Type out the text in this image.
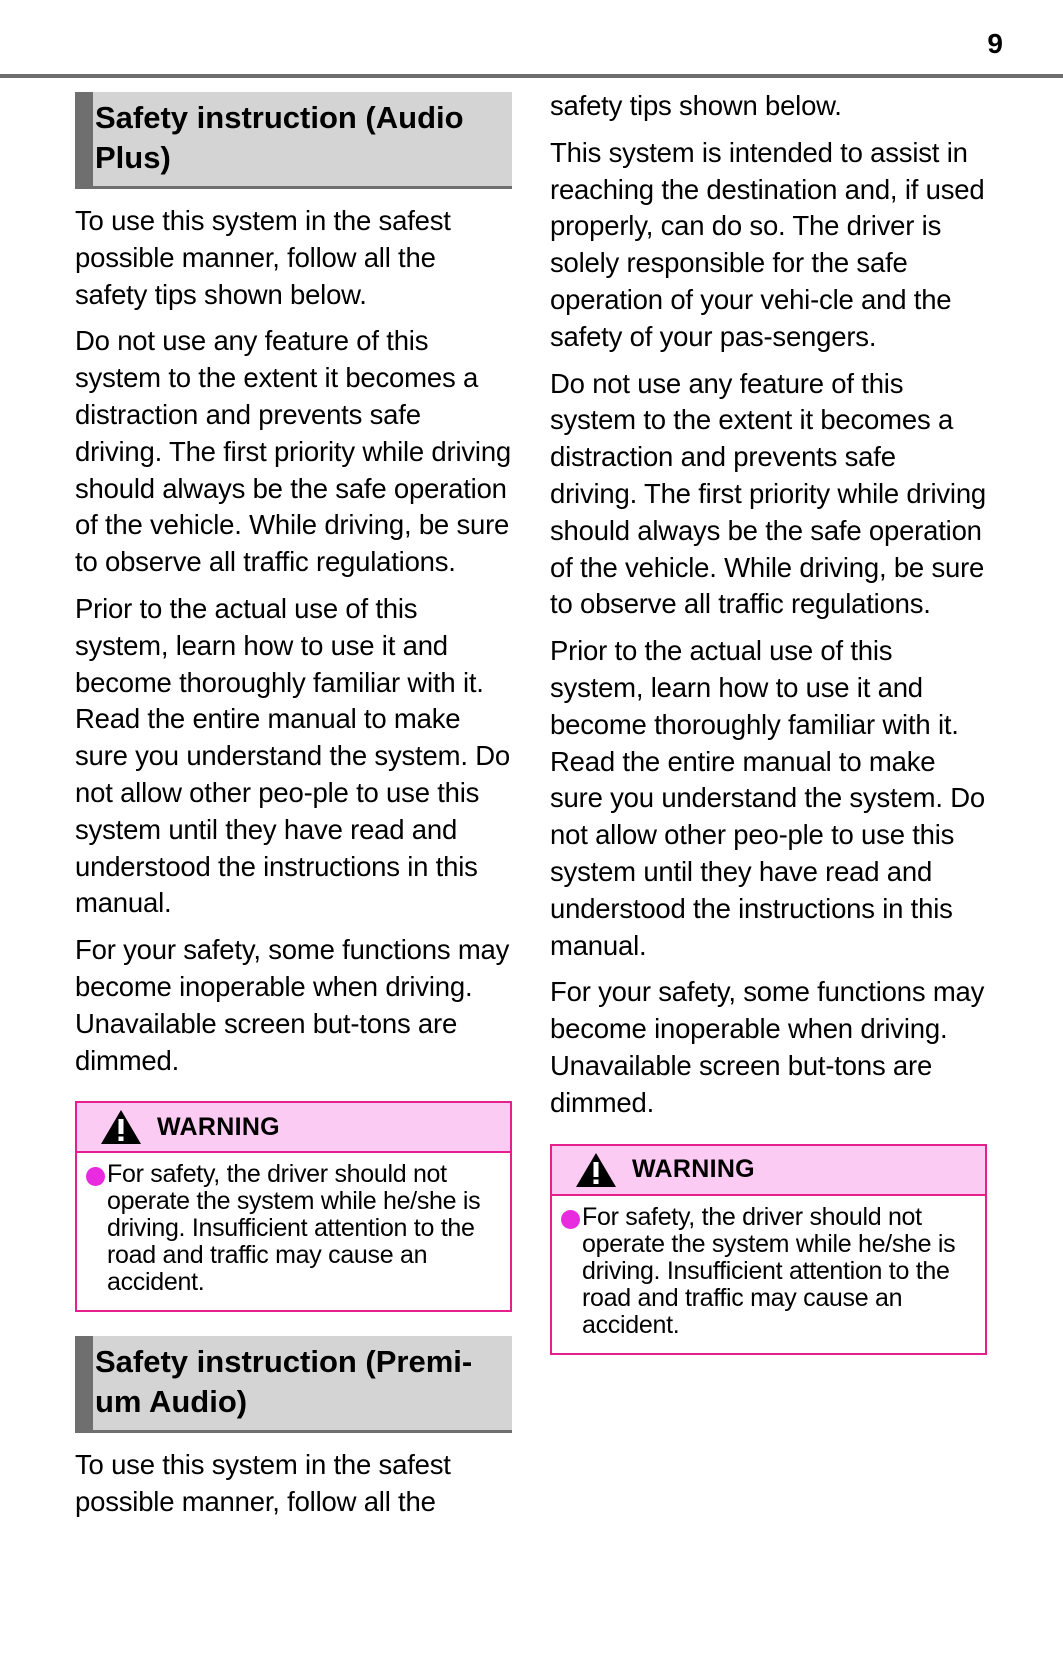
9
Safety instruction (Audio Plus)

To use this system in the safest possible manner, follow all the safety tips shown below.

Do not use any feature of this system to the extent it becomes a distraction and prevents safe driving. The first priority while driving should always be the safe operation of the vehicle. While driving, be sure to observe all traffic regulations.

Prior to the actual use of this system, learn how to use it and become thoroughly familiar with it. Read the entire manual to make sure you understand the system. Do not allow other peo-ple to use this system until they have read and understood the instructions in this manual.

For your safety, some functions may become inoperable when driving. Unavailable screen but-tons are dimmed.

WARNING
For safety, the driver should not operate the system while he/she is driving. Insufficient attention to the road and traffic may cause an accident.
Safety instruction (Premi-um Audio)

To use this system in the safest possible manner, follow all the

safety tips shown below.

This system is intended to assist in reaching the destination and, if used properly, can do so. The driver is solely responsible for the safe operation of your vehi-cle and the safety of your pas-sengers.

Do not use any feature of this system to the extent it becomes a distraction and prevents safe driving. The first priority while driving should always be the safe operation of the vehicle. While driving, be sure to observe all traffic regulations.

Prior to the actual use of this system, learn how to use it and become thoroughly familiar with it. Read the entire manual to make sure you understand the system. Do not allow other peo-ple to use this system until they have read and understood the instructions in this manual.

For your safety, some functions may become inoperable when driving. Unavailable screen but-tons are dimmed.

WARNING
For safety, the driver should not operate the system while he/she is driving. Insufficient attention to the road and traffic may cause an accident.
